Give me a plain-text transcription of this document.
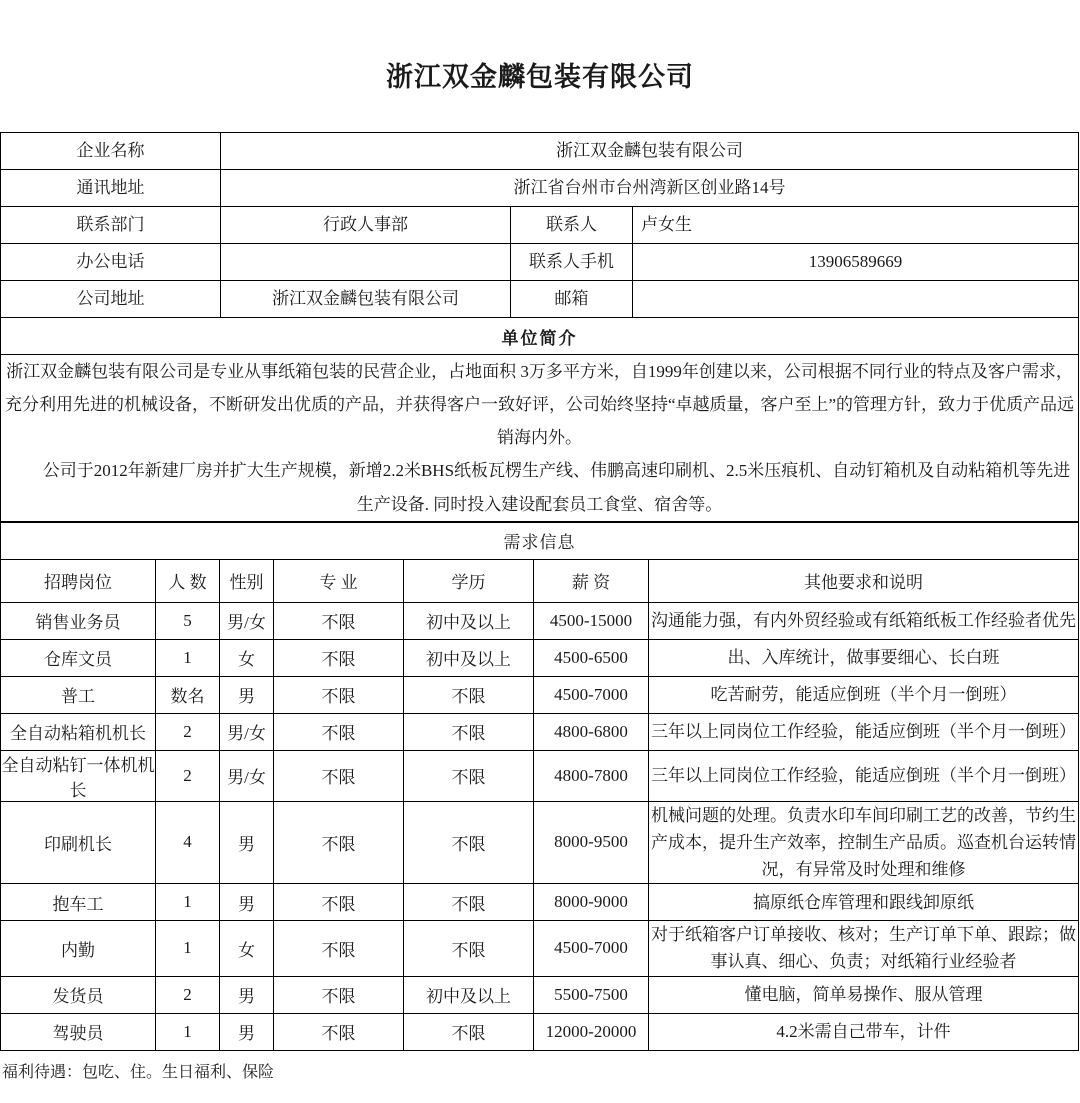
浙江双金麟包装有限公司
企业名称	浙江双金麟包装有限公司		

通讯地址	浙江省台州市台州湾新区创业路14号		

联系部门	行政人事部	联系人	卢女生

办公电话		联系人手机	13906589669

公司地址	浙江双金麟包装有限公司	邮箱	

单位简介			

浙江双金麟包装有限公司是专业从事纸箱包装的民营企业，占地面积 3万多平方米，自1999年创建以来，公司根据不同行业的特点及客户需求，充分利用先进的机械设备，不断研发出优质的产品，并获得客户一致好评，公司始终坚持“卓越质量，客户至上”的管理方针，致力于优质产品远销海内外。

公司于2012年新建厂房并扩大生产规模，新增2.2米BHS纸板瓦楞生产线、伟鹏高速印刷机、2.5米压痕机、自动钉箱机及自动粘箱机等先进生产设备. 同时投入建设配套员工食堂、宿舍等。			

需求信息						

招聘岗位	人 数	性别	专 业	学历	薪 资	其他要求和说明
销售业务员	5	男/女	不限	初中及以上	4500-15000	沟通能力强，有内外贸经验或有纸箱纸板工作经验者优先
仓库文员	1	女	不限	初中及以上	4500-6500	出、入库统计，做事要细心、长白班
普工	数名	男	不限	不限	4500-7000	吃苦耐劳，能适应倒班（半个月一倒班）
全自动粘箱机机长	2	男/女	不限	不限	4800-6800	三年以上同岗位工作经验，能适应倒班（半个月一倒班）
全自动粘钉一体机机长	2	男/女	不限	不限	4800-7800	三年以上同岗位工作经验，能适应倒班（半个月一倒班）
印刷机长	4	男	不限	不限	8000-9500	机械问题的处理。负责水印车间印刷工艺的改善，节约生产成本，提升生产效率，控制生产品质。巡查机台运转情况，有异常及时处理和维修
抱车工	1	男	不限	不限	8000-9000	搞原纸仓库管理和跟线卸原纸
内勤	1	女	不限	不限	4500-7000	对于纸箱客户订单接收、核对；生产订单下单、跟踪；做事认真、细心、负责；对纸箱行业经验者
发货员	2	男	不限	初中及以上	5500-7500	懂电脑，简单易操作、服从管理
驾驶员	1	男	不限	不限	12000-20000	4.2米需自己带车，计件
福利待遇：包吃、住。生日福利、保险
